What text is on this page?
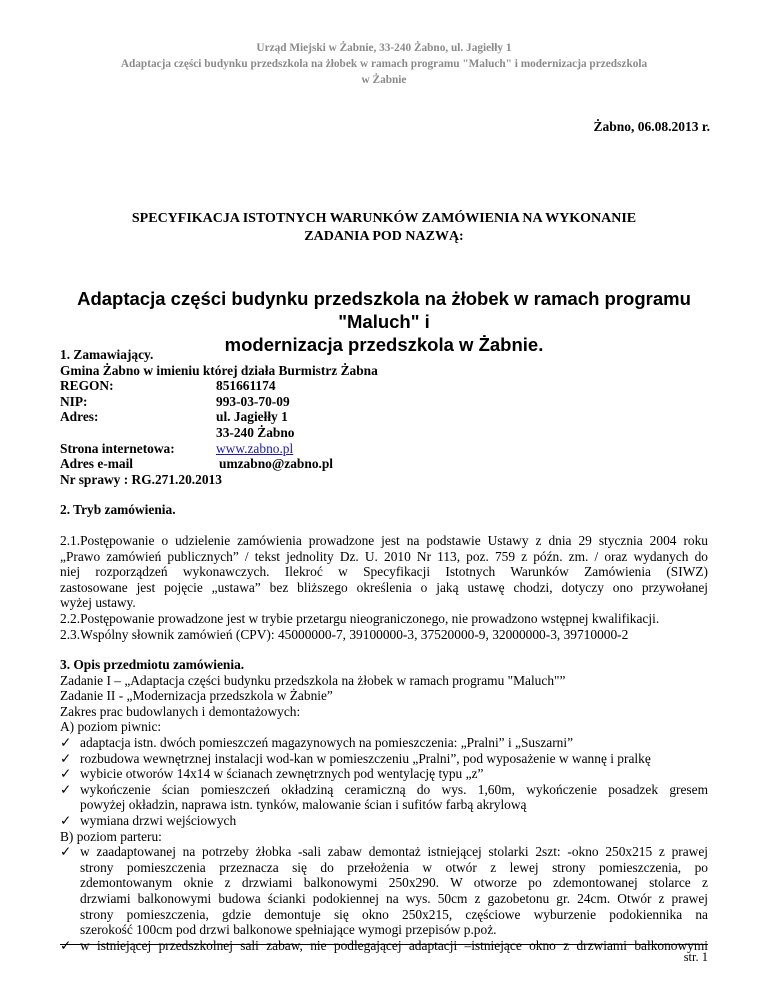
Urząd Miejski w Żabnie, 33-240 Żabno, ul. Jagiełły 1
Adaptacja części budynku przedszkola na żłobek w ramach programu "Maluch" i modernizacja przedszkola
w Żabnie
Żabno, 06.08.2013 r.
SPECYFIKACJA ISTOTNYCH WARUNKÓW ZAMÓWIENIA NA WYKONANIE
ZADANIA POD NAZWĄ:
Adaptacja części budynku przedszkola na żłobek w ramach programu "Maluch" i
modernizacja przedszkola w Żabnie.
1. Zamawiający.
Gmina Żabno w imieniu której działa Burmistrz Żabna
REGON:	851661174
NIP:	993-03-70-09
Adres:	ul. Jagiełły 1
33-240 Żabno
Strona internetowa:	www.zabno.pl
Adres e-mail	umzabno@zabno.pl
Nr sprawy : RG.271.20.2013
2. Tryb zamówienia.
2.1.Postępowanie o udzielenie zamówienia prowadzone jest na podstawie Ustawy z dnia 29 stycznia 2004 roku
„Prawo zamówień publicznych” / tekst jednolity Dz. U. 2010 Nr 113, poz. 759 z późn. zm. / oraz wydanych do
niej rozporządzeń wykonawczych. Ilekroć w Specyfikacji Istotnych Warunków Zamówienia (SIWZ)
zastosowane jest pojęcie „ustawa” bez bliższego określenia o jaką ustawę chodzi, dotyczy ono przywołanej
wyżej ustawy.
2.2.Postępowanie prowadzone jest w trybie przetargu nieograniczonego, nie prowadzono wstępnej kwalifikacji.
2.3.Wspólny słownik zamówień (CPV): 45000000-7, 39100000-3, 37520000-9, 32000000-3, 39710000-2
3. Opis przedmiotu zamówienia.
Zadanie I – „Adaptacja części budynku przedszkola na żłobek w ramach programu "Maluch"”
Zadanie II - „Modernizacja przedszkola w Żabnie”
Zakres prac budowlanych i demontażowych:
A) poziom piwnic:
✓ adaptacja istn. dwóch pomieszczeń magazynowych na pomieszczenia: „Pralni” i „Suszarni”
✓ rozbudowa wewnętrznej instalacji wod-kan w pomieszczeniu „Pralni”, pod wyposażenie w wannę i pralkę
✓ wybicie otworów 14x14 w ścianach zewnętrznych pod wentylację typu „z”
✓ wykończenie ścian pomieszczeń okładziną ceramiczną do wys. 1,60m, wykończenie posadzek gresem
powyżej okładzin, naprawa istn. tynków, malowanie ścian i sufitów farbą akrylową
✓ wymiana drzwi wejściowych
B) poziom parteru:
✓ w zaadaptowanej na potrzeby żłobka -sali zabaw demontaż istniejącej stolarki 2szt: -okno 250x215 z prawej
strony pomieszczenia przeznacza się do przełożenia w otwór z lewej strony pomieszczenia, po
zdemontowanym oknie z drzwiami balkonowymi 250x290. W otworze po zdemontowanej stolarce z
drzwiami balkonowymi budowa ścianki podokiennej na wys. 50cm z gazobetonu gr. 24cm. Otwór z prawej
strony pomieszczenia, gdzie demontuje się okno 250x215, częściowe wyburzenie podokiennika na
szerokość 100cm pod drzwi balkonowe spełniające wymogi przepisów p.poż.
✓ w istniejącej przedszkolnej sali zabaw, nie podlegającej adaptacji –istniejące okno z drzwiami balkonowymi
str. 1
